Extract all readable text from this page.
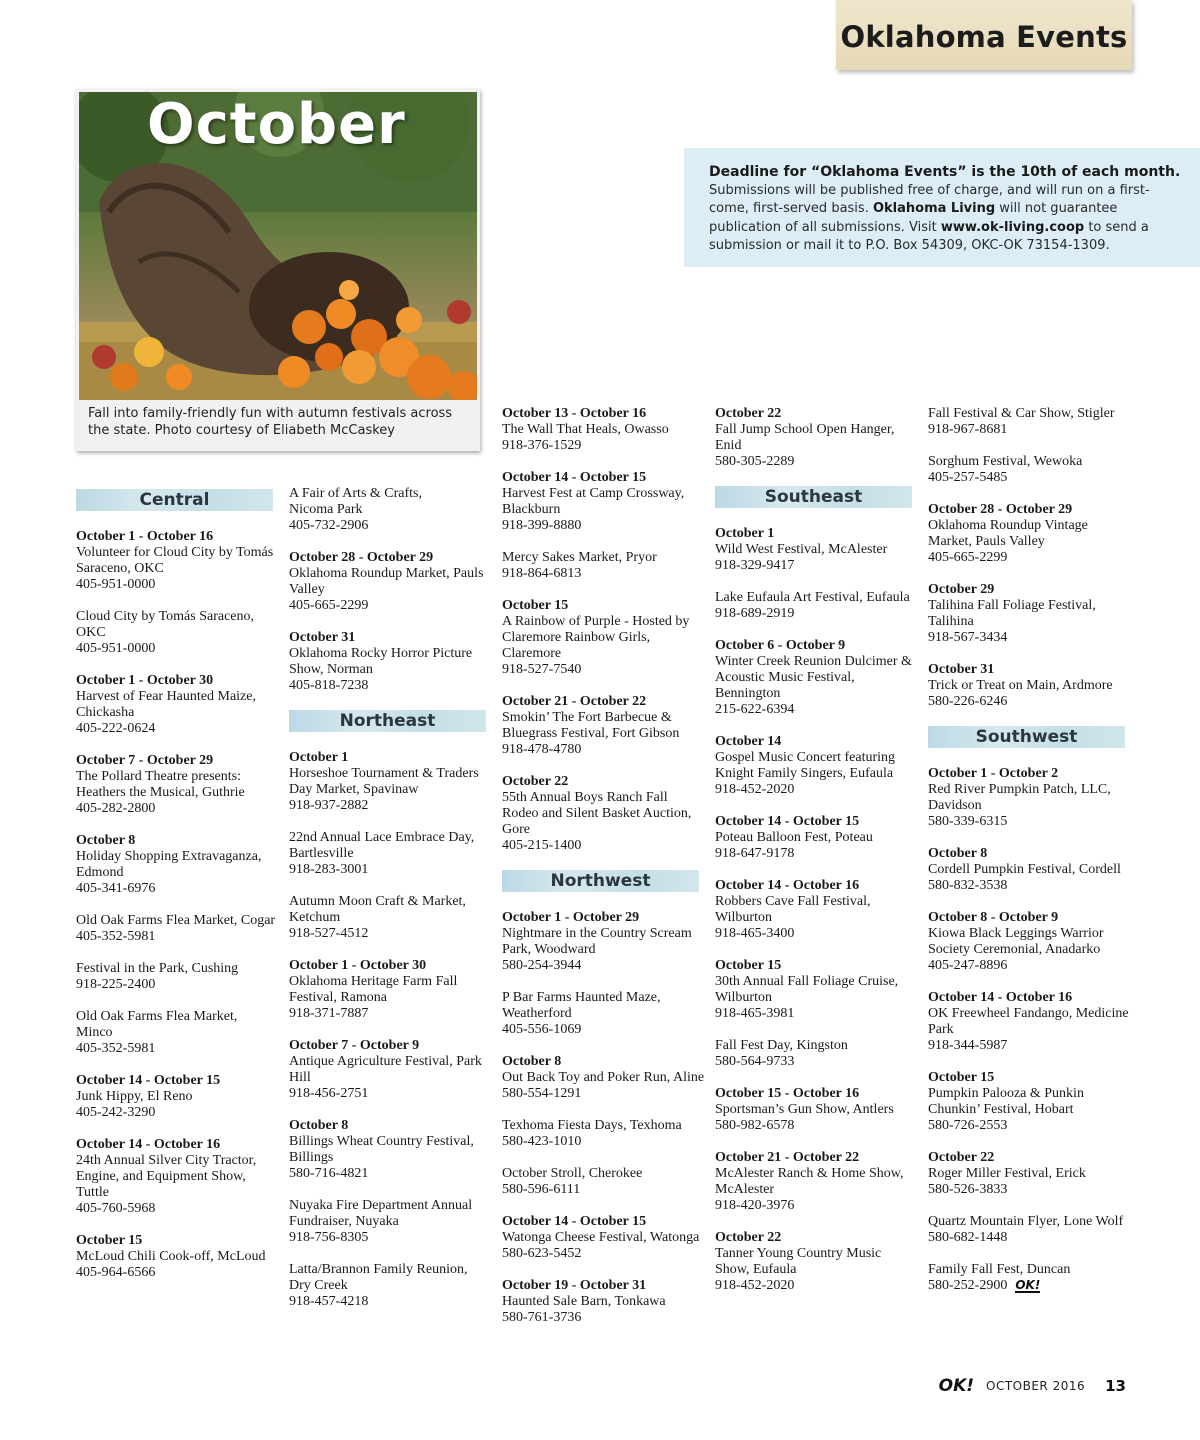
Oklahoma Events
October
Fall into family-friendly fun with autumn festivals across the state. Photo courtesy of Eliabeth McCaskey
Deadline for “Oklahoma Events” is the 10th of each month.
Submissions will be published free of charge, and will run on a first-come, first-served basis. Oklahoma Living will not guarantee publication of all submissions. Visit www.ok-living.coop to send a submission or mail it to P.O. Box 54309, OKC-OK 73154-1309.
Central
October 1 - October 16
Volunteer for Cloud City by Tomás
Saraceno, OKC
405-951-0000
Cloud City by Tomás Saraceno,
OKC
405-951-0000
October 1 - October 30
Harvest of Fear Haunted Maize,
Chickasha
405-222-0624
October 7 - October 29
The Pollard Theatre presents:
Heathers the Musical, Guthrie
405-282-2800
October 8
Holiday Shopping Extravaganza,
Edmond
405-341-6976
Old Oak Farms Flea Market, Cogar
405-352-5981
Festival in the Park, Cushing
918-225-2400
Old Oak Farms Flea Market,
Minco
405-352-5981
October 14 - October 15
Junk Hippy, El Reno
405-242-3290
October 14 - October 16
24th Annual Silver City Tractor,
Engine, and Equipment Show,
Tuttle
405-760-5968
October 15
McLoud Chili Cook-off, McLoud
405-964-6566
A Fair of Arts & Crafts,
Nicoma Park
405-732-2906
October 28 - October 29
Oklahoma Roundup Market, Pauls
Valley
405-665-2299
October 31
Oklahoma Rocky Horror Picture
Show, Norman
405-818-7238
Northeast
October 1
Horseshoe Tournament & Traders
Day Market, Spavinaw
918-937-2882
22nd Annual Lace Embrace Day,
Bartlesville
918-283-3001
Autumn Moon Craft & Market,
Ketchum
918-527-4512
October 1 - October 30
Oklahoma Heritage Farm Fall
Festival, Ramona
918-371-7887
October 7 - October 9
Antique Agriculture Festival, Park
Hill
918-456-2751
October 8
Billings Wheat Country Festival,
Billings
580-716-4821
Nuyaka Fire Department Annual
Fundraiser, Nuyaka
918-756-8305
Latta/Brannon Family Reunion,
Dry Creek
918-457-4218
October 13 - October 16
The Wall That Heals, Owasso
918-376-1529
October 14 - October 15
Harvest Fest at Camp Crossway,
Blackburn
918-399-8880
Mercy Sakes Market, Pryor
918-864-6813
October 15
A Rainbow of Purple - Hosted by
Claremore Rainbow Girls,
Claremore
918-527-7540
October 21 - October 22
Smokin’ The Fort Barbecue &
Bluegrass Festival, Fort Gibson
918-478-4780
October 22
55th Annual Boys Ranch Fall
Rodeo and Silent Basket Auction,
Gore
405-215-1400
Northwest
October 1 - October 29
Nightmare in the Country Scream
Park, Woodward
580-254-3944
P Bar Farms Haunted Maze,
Weatherford
405-556-1069
October 8
Out Back Toy and Poker Run, Aline
580-554-1291
Texhoma Fiesta Days, Texhoma
580-423-1010
October Stroll, Cherokee
580-596-6111
October 14 - October 15
Watonga Cheese Festival, Watonga
580-623-5452
October 19 - October 31
Haunted Sale Barn, Tonkawa
580-761-3736
October 22
Fall Jump School Open Hanger,
Enid
580-305-2289
Southeast
October 1
Wild West Festival, McAlester
918-329-9417
Lake Eufaula Art Festival, Eufaula
918-689-2919
October 6 - October 9
Winter Creek Reunion Dulcimer &
Acoustic Music Festival,
Bennington
215-622-6394
October 14
Gospel Music Concert featuring
Knight Family Singers, Eufaula
918-452-2020
October 14 - October 15
Poteau Balloon Fest, Poteau
918-647-9178
October 14 - October 16
Robbers Cave Fall Festival,
Wilburton
918-465-3400
October 15
30th Annual Fall Foliage Cruise,
Wilburton
918-465-3981
Fall Fest Day, Kingston
580-564-9733
October 15 - October 16
Sportsman’s Gun Show, Antlers
580-982-6578
October 21 - October 22
McAlester Ranch & Home Show,
McAlester
918-420-3976
October 22
Tanner Young Country Music
Show, Eufaula
918-452-2020
Fall Festival & Car Show, Stigler
918-967-8681
Sorghum Festival, Wewoka
405-257-5485
October 28 - October 29
Oklahoma Roundup Vintage
Market, Pauls Valley
405-665-2299
October 29
Talihina Fall Foliage Festival,
Talihina
918-567-3434
October 31
Trick or Treat on Main, Ardmore
580-226-6246
Southwest
October 1 - October 2
Red River Pumpkin Patch, LLC,
Davidson
580-339-6315
October 8
Cordell Pumpkin Festival, Cordell
580-832-3538
October 8 - October 9
Kiowa Black Leggings Warrior
Society Ceremonial, Anadarko
405-247-8896
October 14 - October 16
OK Freewheel Fandango, Medicine
Park
918-344-5987
October 15
Pumpkin Palooza & Punkin
Chunkin’ Festival, Hobart
580-726-2553
October 22
Roger Miller Festival, Erick
580-526-3833
Quartz Mountain Flyer, Lone Wolf
580-682-1448
Family Fall Fest, Duncan
580-252-2900 OK!
OK! OCTOBER 2016 13
